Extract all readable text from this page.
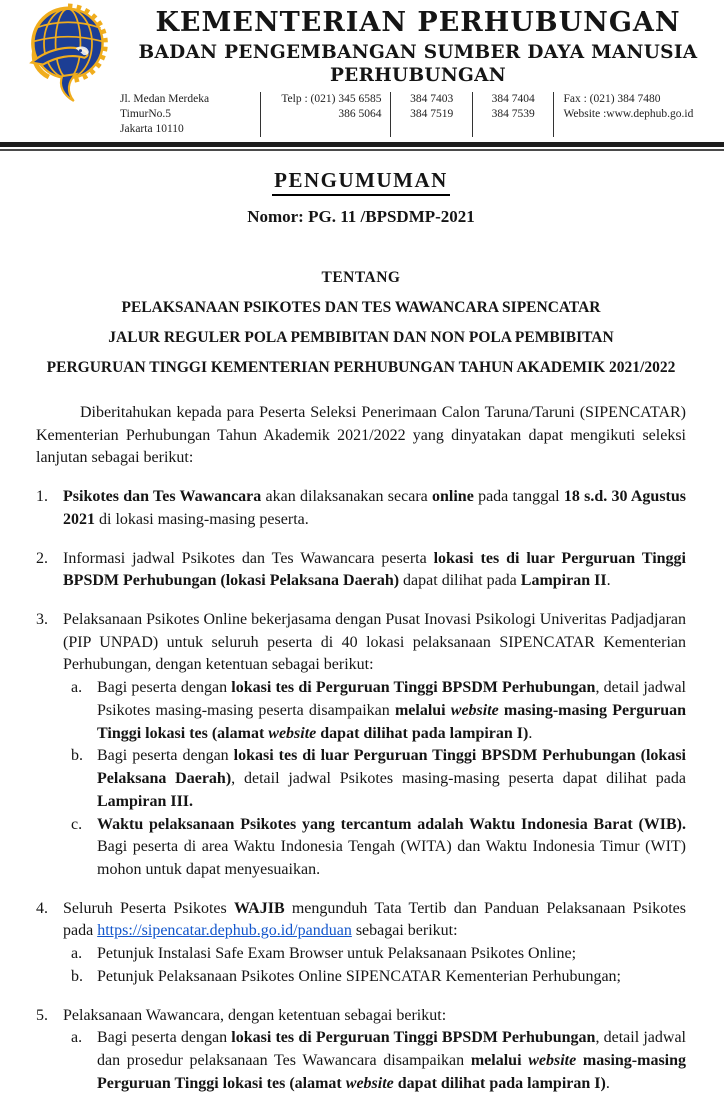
KEMENTERIAN PERHUBUNGAN
BADAN PENGEMBANGAN SUMBER DAYA MANUSIA PERHUBUNGAN
Jl. Medan Merdeka TimurNo.5
Jakarta 10110
Telp : (021) 345 6585
386 5064
384 7403
384 7519
384 7404
384 7539
Fax : (021) 384 7480
Website :www.dephub.go.id
PENGUMUMAN
Nomor: PG. 11 /BPSDMP-2021
TENTANG
PELAKSANAAN PSIKOTES DAN TES WAWANCARA SIPENCATAR
JALUR REGULER POLA PEMBIBITAN DAN NON POLA PEMBIBITAN
PERGURUAN TINGGI KEMENTERIAN PERHUBUNGAN TAHUN AKADEMIK 2021/2022

Diberitahukan kepada para Peserta Seleksi Penerimaan Calon Taruna/Taruni (SIPENCATAR) Kementerian Perhubungan Tahun Akademik 2021/2022 yang dinyatakan dapat mengikuti seleksi lanjutan sebagai berikut:

1. Psikotes dan Tes Wawancara akan dilaksanakan secara online pada tanggal 18 s.d. 30 Agustus 2021 di lokasi masing-masing peserta.
2. Informasi jadwal Psikotes dan Tes Wawancara peserta lokasi tes di luar Perguruan Tinggi BPSDM Perhubungan (lokasi Pelaksana Daerah) dapat dilihat pada Lampiran II.
3. Pelaksanaan Psikotes Online bekerjasama dengan Pusat Inovasi Psikologi Univeritas Padjadjaran (PIP UNPAD) untuk seluruh peserta di 40 lokasi pelaksanaan SIPENCATAR Kementerian Perhubungan, dengan ketentuan sebagai berikut:
a. Bagi peserta dengan lokasi tes di Perguruan Tinggi BPSDM Perhubungan, detail jadwal Psikotes masing-masing peserta disampaikan melalui website masing-masing Perguruan Tinggi lokasi tes (alamat website dapat dilihat pada lampiran I).
b. Bagi peserta dengan lokasi tes di luar Perguruan Tinggi BPSDM Perhubungan (lokasi Pelaksana Daerah), detail jadwal Psikotes masing-masing peserta dapat dilihat pada Lampiran III.
c. Waktu pelaksanaan Psikotes yang tercantum adalah Waktu Indonesia Barat (WIB). Bagi peserta di area Waktu Indonesia Tengah (WITA) dan Waktu Indonesia Timur (WIT) mohon untuk dapat menyesuaikan.
4. Seluruh Peserta Psikotes WAJIB mengunduh Tata Tertib dan Panduan Pelaksanaan Psikotes pada https://sipencatar.dephub.go.id/panduan sebagai berikut:
a. Petunjuk Instalasi Safe Exam Browser untuk Pelaksanaan Psikotes Online;
b. Petunjuk Pelaksanaan Psikotes Online SIPENCATAR Kementerian Perhubungan;
5. Pelaksanaan Wawancara, dengan ketentuan sebagai berikut:
a. Bagi peserta dengan lokasi tes di Perguruan Tinggi BPSDM Perhubungan, detail jadwal dan prosedur pelaksanaan Tes Wawancara disampaikan melalui website masing-masing Perguruan Tinggi lokasi tes (alamat website dapat dilihat pada lampiran I).
